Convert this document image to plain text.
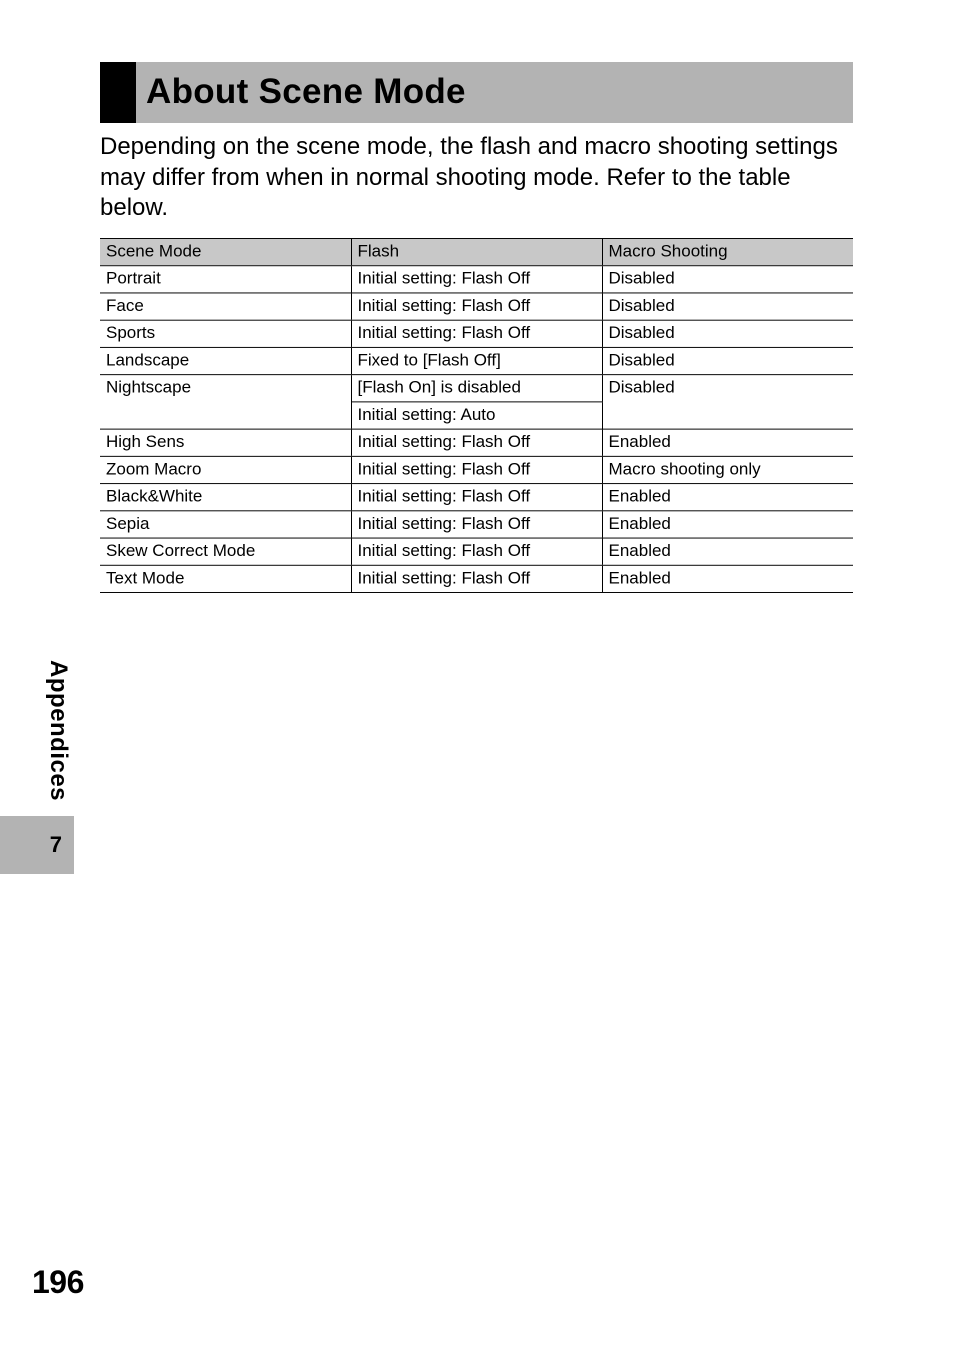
About Scene Mode
Depending on the scene mode, the flash and macro shooting settings may differ from when in normal shooting mode. Refer to the table below.
Scene Mode	Flash	Macro Shooting
Portrait	Initial setting: Flash Off	Disabled
Face	Initial setting: Flash Off	Disabled
Sports	Initial setting: Flash Off	Disabled
Landscape	Fixed to [Flash Off]	Disabled
Nightscape	[Flash On] is disabled	Disabled
	Initial setting: Auto	
High Sens	Initial setting: Flash Off	Enabled
Zoom Macro	Initial setting: Flash Off	Macro shooting only
Black&White	Initial setting: Flash Off	Enabled
Sepia	Initial setting: Flash Off	Enabled
Skew Correct Mode	Initial setting: Flash Off	Enabled
Text Mode	Initial setting: Flash Off	Enabled
Appendices
7
196
